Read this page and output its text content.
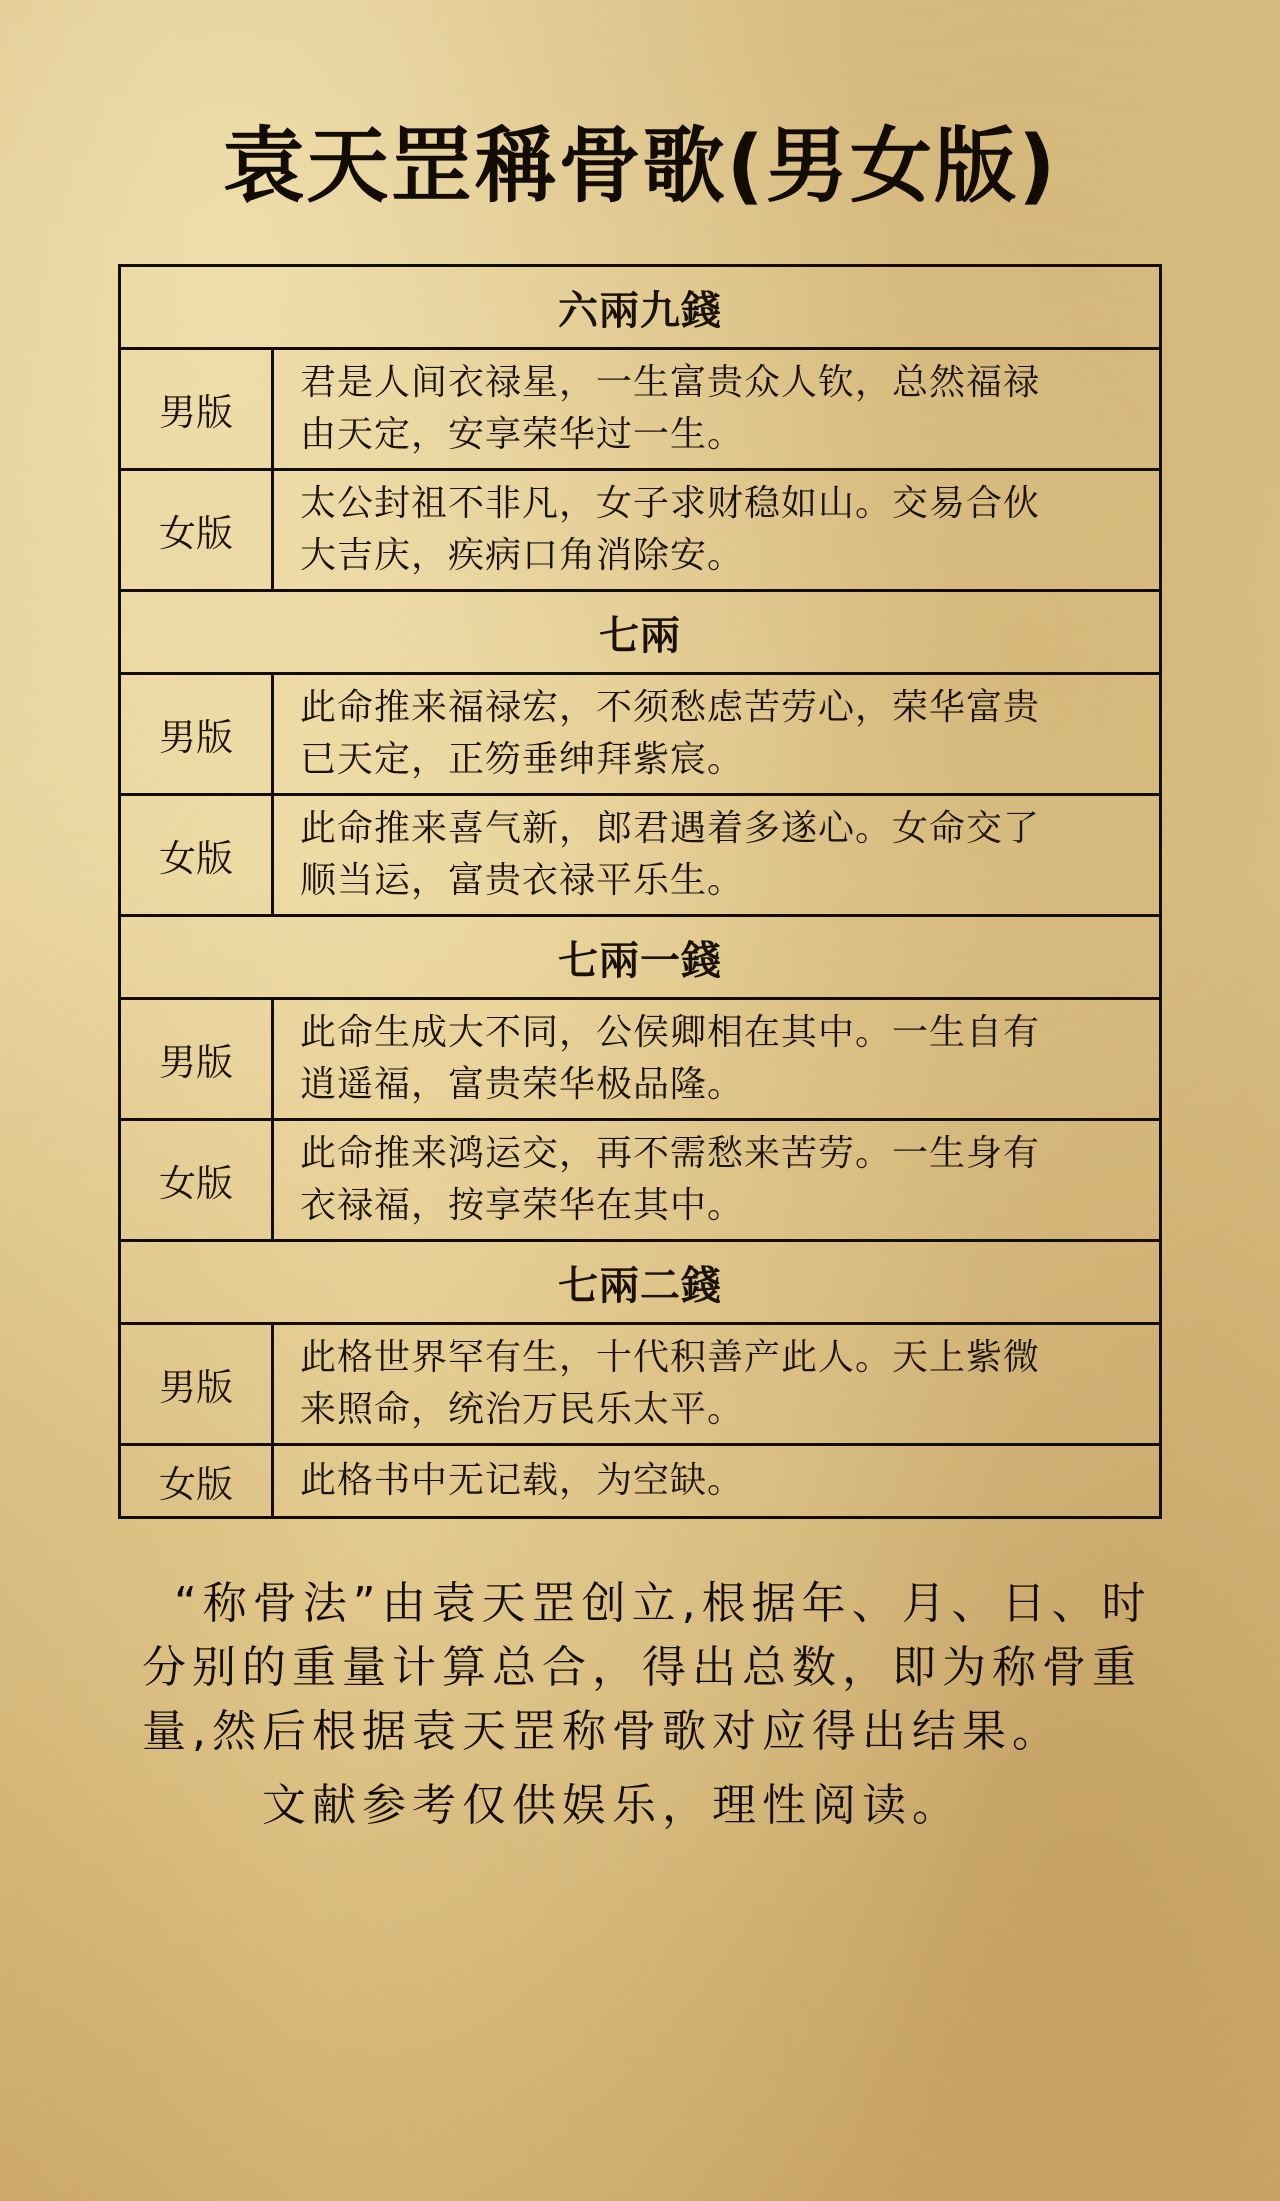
袁天罡稱骨歌(男女版)
六兩九錢
男版
君是人间衣禄星，一生富贵众人钦，总然福禄
由天定，安享荣华过一生。
女版
太公封祖不非凡，女子求财稳如山。交易合伙
大吉庆，疾病口角消除安。
七兩
男版
此命推来福禄宏，不须愁虑苦劳心，荣华富贵
已天定，正笏垂绅拜紫宸。
女版
此命推来喜气新，郎君遇着多遂心。女命交了
顺当运，富贵衣禄平乐生。
七兩一錢
男版
此命生成大不同，公侯卿相在其中。一生自有
逍遥福，富贵荣华极品隆。
女版
此命推来鸿运交，再不需愁来苦劳。一生身有
衣禄福，按享荣华在其中。
七兩二錢
男版
此格世界罕有生，十代积善产此人。天上紫微
来照命，统治万民乐太平。
女版	此格书中无记载，为空缺。

“称骨法”由袁天罡创立,根据年、月、日、时分别的重量计算总合，得出总数，即为称骨重量,然后根据袁天罡称骨歌对应得出结果。

文献参考仅供娱乐，理性阅读。
